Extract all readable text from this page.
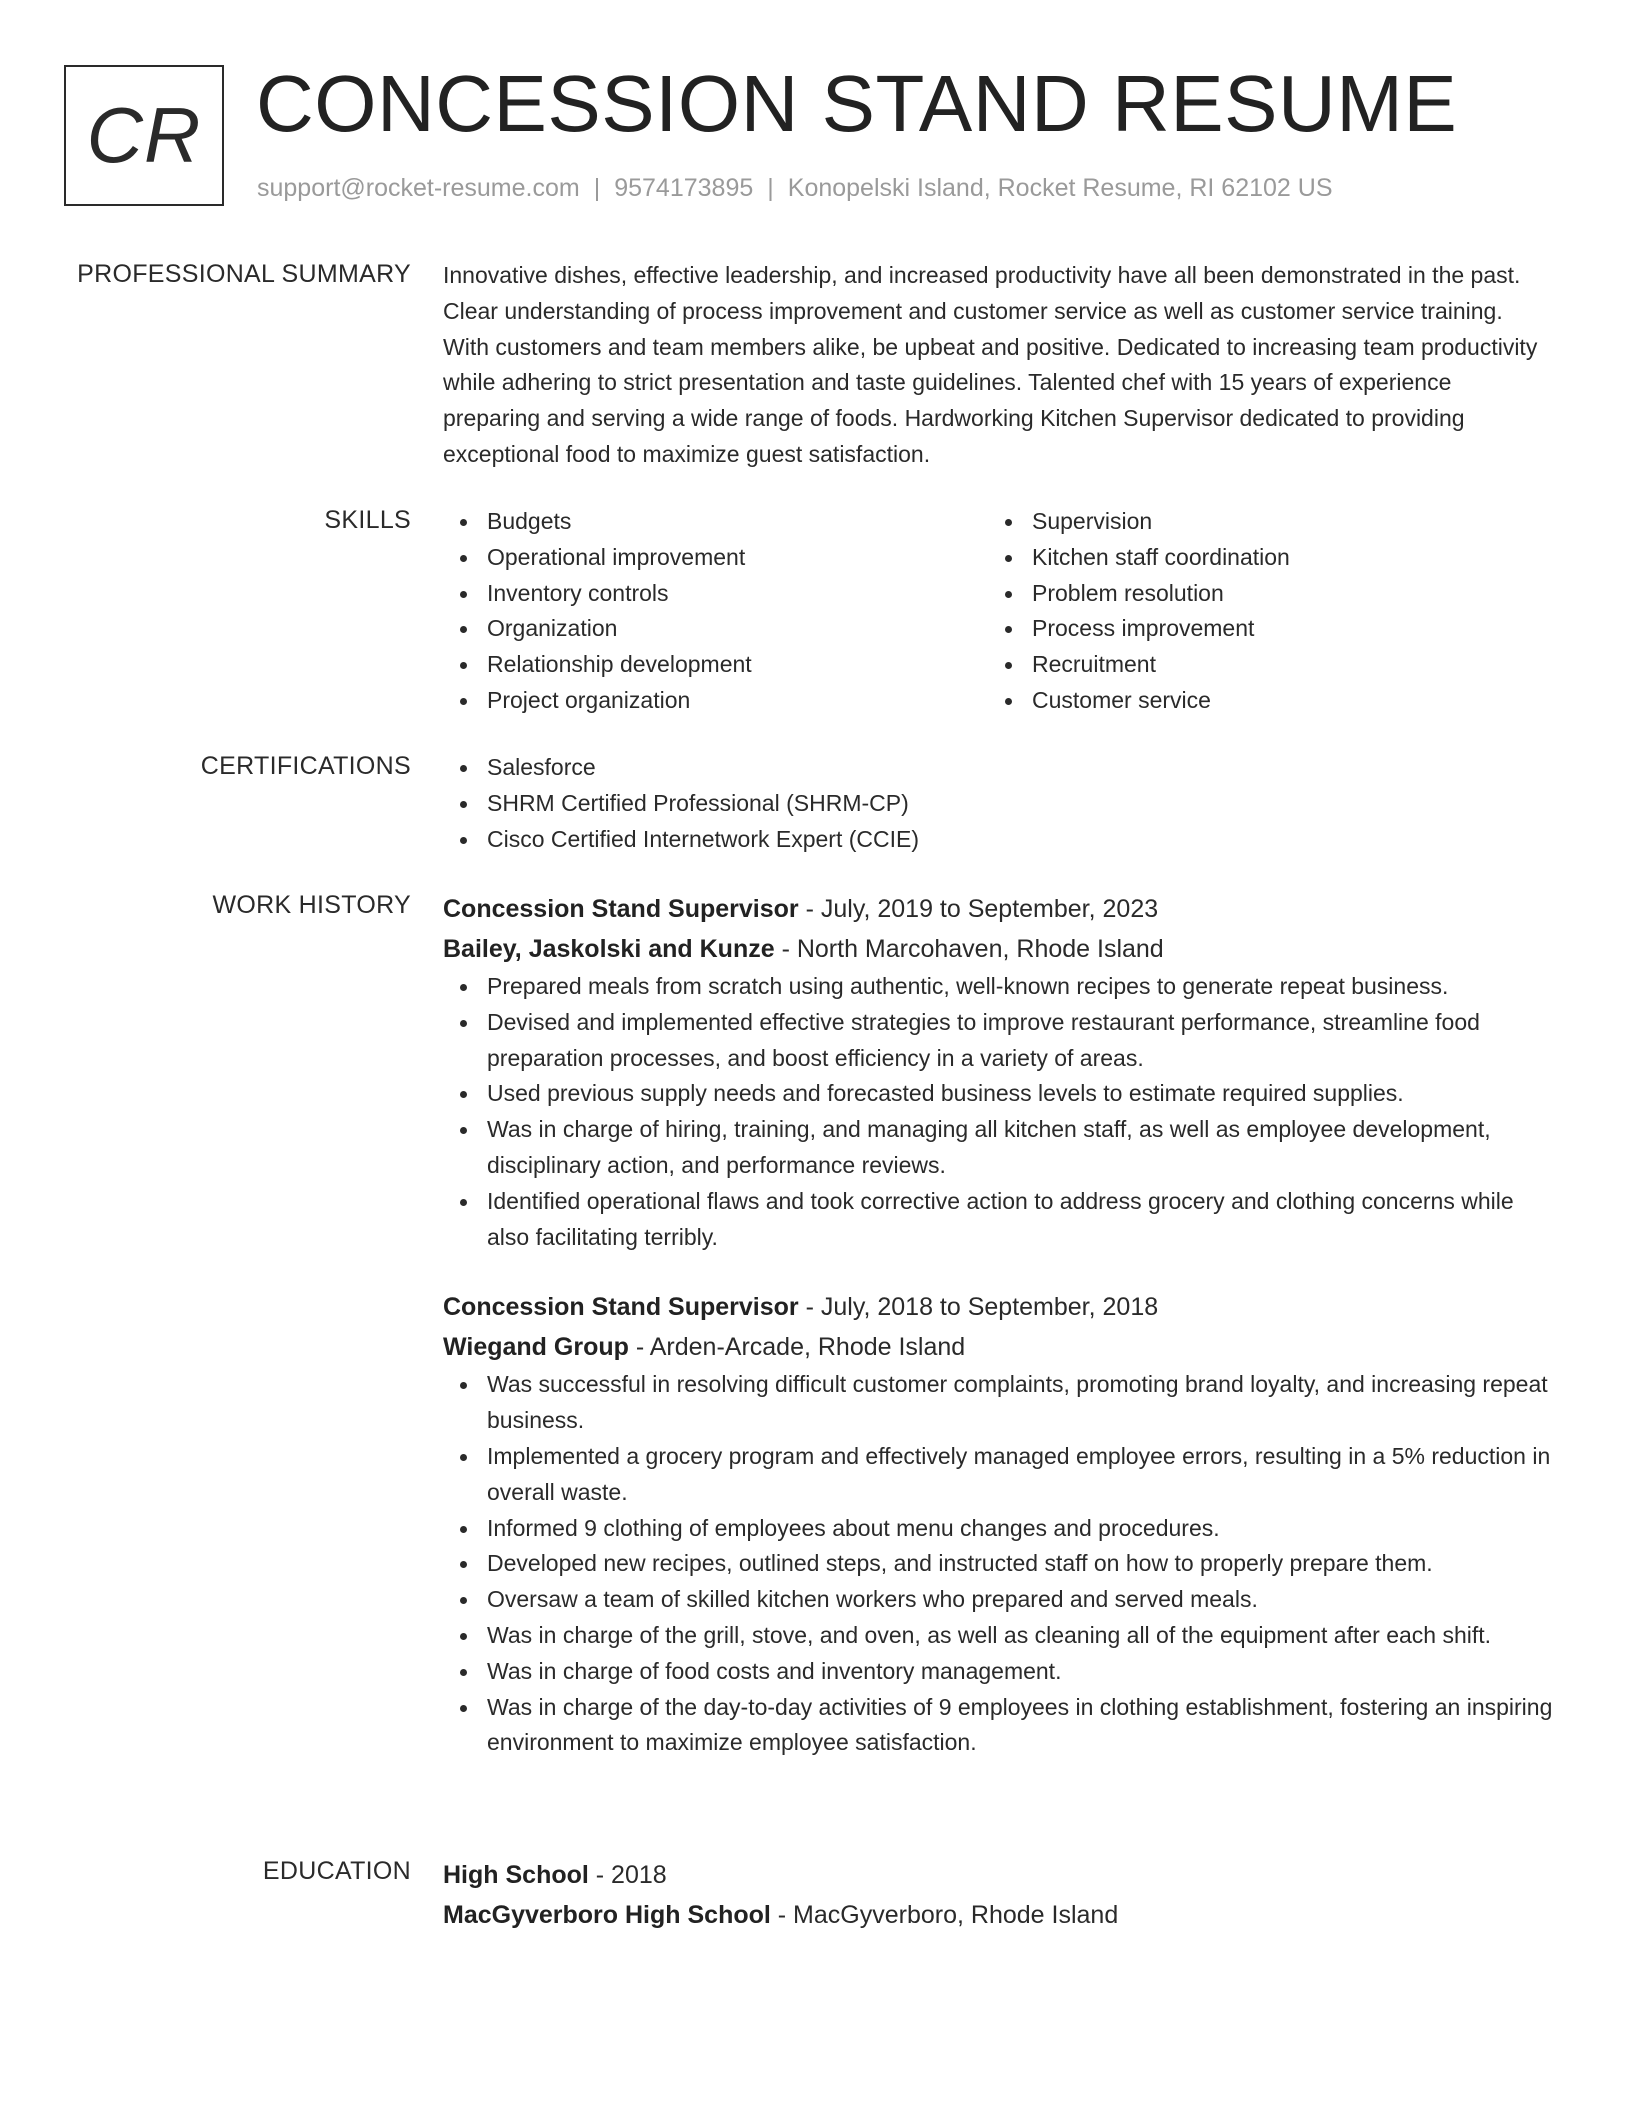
CR CONCESSION STAND RESUME
support@rocket-resume.com | 9574173895 | Konopelski Island, Rocket Resume, RI 62102 US
PROFESSIONAL SUMMARY Innovative dishes, effective leadership, and increased productivity have all been demonstrated in the past. Clear understanding of process improvement and customer service as well as customer service training. With customers and team members alike, be upbeat and positive. Dedicated to increasing team productivity while adhering to strict presentation and taste guidelines. Talented chef with 15 years of experience preparing and serving a wide range of foods. Hardworking Kitchen Supervisor dedicated to providing exceptional food to maximize guest satisfaction.

SKILLS	Budgets
Operational improvement
Inventory controls
Organization
Relationship development
Project organization
Supervision
Kitchen staff coordination
Problem resolution
Process improvement
Recruitment
Customer service
CERTIFICATIONS	Salesforce
SHRM Certified Professional (SHRM-CP)
Cisco Certified Internetwork Expert (CCIE)
WORK HISTORY Concession Stand Supervisor - July, 2019 to September, 2023
Bailey, Jaskolski and Kunze - North Marcohaven, Rhode Island
Prepared meals from scratch using authentic, well-known recipes to generate repeat business.
Devised and implemented effective strategies to improve restaurant performance, streamline food preparation processes, and boost efficiency in a variety of areas.
Used previous supply needs and forecasted business levels to estimate required supplies.
Was in charge of hiring, training, and managing all kitchen staff, as well as employee development, disciplinary action, and performance reviews.
Identified operational flaws and took corrective action to address grocery and clothing concerns while also facilitating terribly.
Concession Stand Supervisor - July, 2018 to September, 2018
Wiegand Group - Arden-Arcade, Rhode Island
Was successful in resolving difficult customer complaints, promoting brand loyalty, and increasing repeat business.
Implemented a grocery program and effectively managed employee errors, resulting in a 5% reduction in overall waste.
Informed 9 clothing of employees about menu changes and procedures.
Developed new recipes, outlined steps, and instructed staff on how to properly prepare them.
Oversaw a team of skilled kitchen workers who prepared and served meals.
Was in charge of the grill, stove, and oven, as well as cleaning all of the equipment after each shift.
Was in charge of food costs and inventory management.
Was in charge of the day-to-day activities of 9 employees in clothing establishment, fostering an inspiring environment to maximize employee satisfaction.
EDUCATION High School - 2018
MacGyverboro High School - MacGyverboro, Rhode Island
